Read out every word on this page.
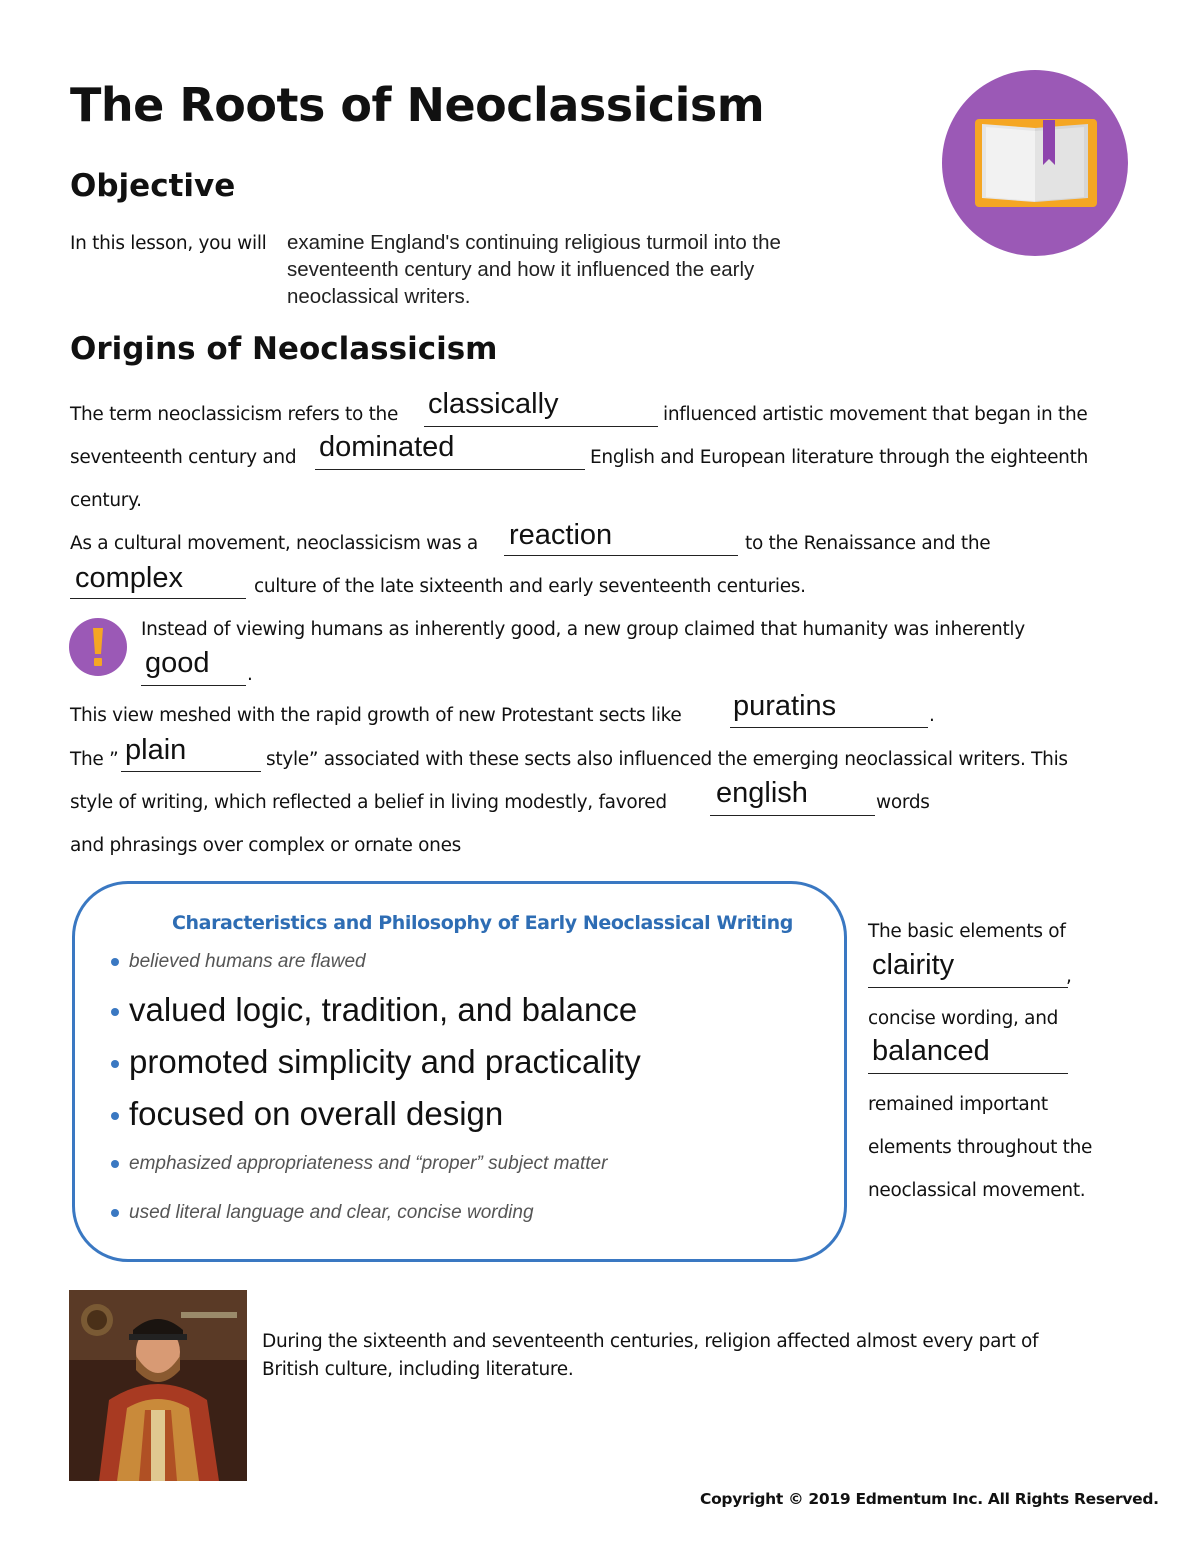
The Roots of Neoclassicism
Objective
In this lesson, you will examine England's continuing religious turmoil into the
seventeenth century and how it influenced the early
neoclassical writers.
Origins of Neoclassicism
The term neoclassicism refers to the classically	influenced artistic movement that began in the
seventeenth century and dominated	English and European literature through the eighteenth
century.
As a cultural movement, neoclassicism was a reaction	to the Renaissance and the
complex	culture of the late sixteenth and early seventeenth centuries.
Instead of viewing humans as inherently good, a new group claimed that humanity was inherently
good .
This view meshed with the rapid growth of new Protestant sects like puratins	.
The ” plain	style” associated with these sects also influenced the emerging neoclassical writers. This
style of writing, which reflected a belief in living modestly, favored english	words
and phrasings over complex or ornate ones
Characteristics and Philosophy of Early Neoclassical Writing
believed humans are flawed
valued logic, tradition, and balance
promoted simplicity and practicality
focused on overall design
emphasized appropriateness and “proper” subject matter
used literal language and clear, concise wording
The basic elements of
clairity	,
concise wording, and
balanced
remained important
elements throughout the
neoclassical movement.
During the sixteenth and seventeenth centuries, religion affected almost every part of
British culture, including literature.
Copyright © 2019 Edmentum Inc. All Rights Reserved.
